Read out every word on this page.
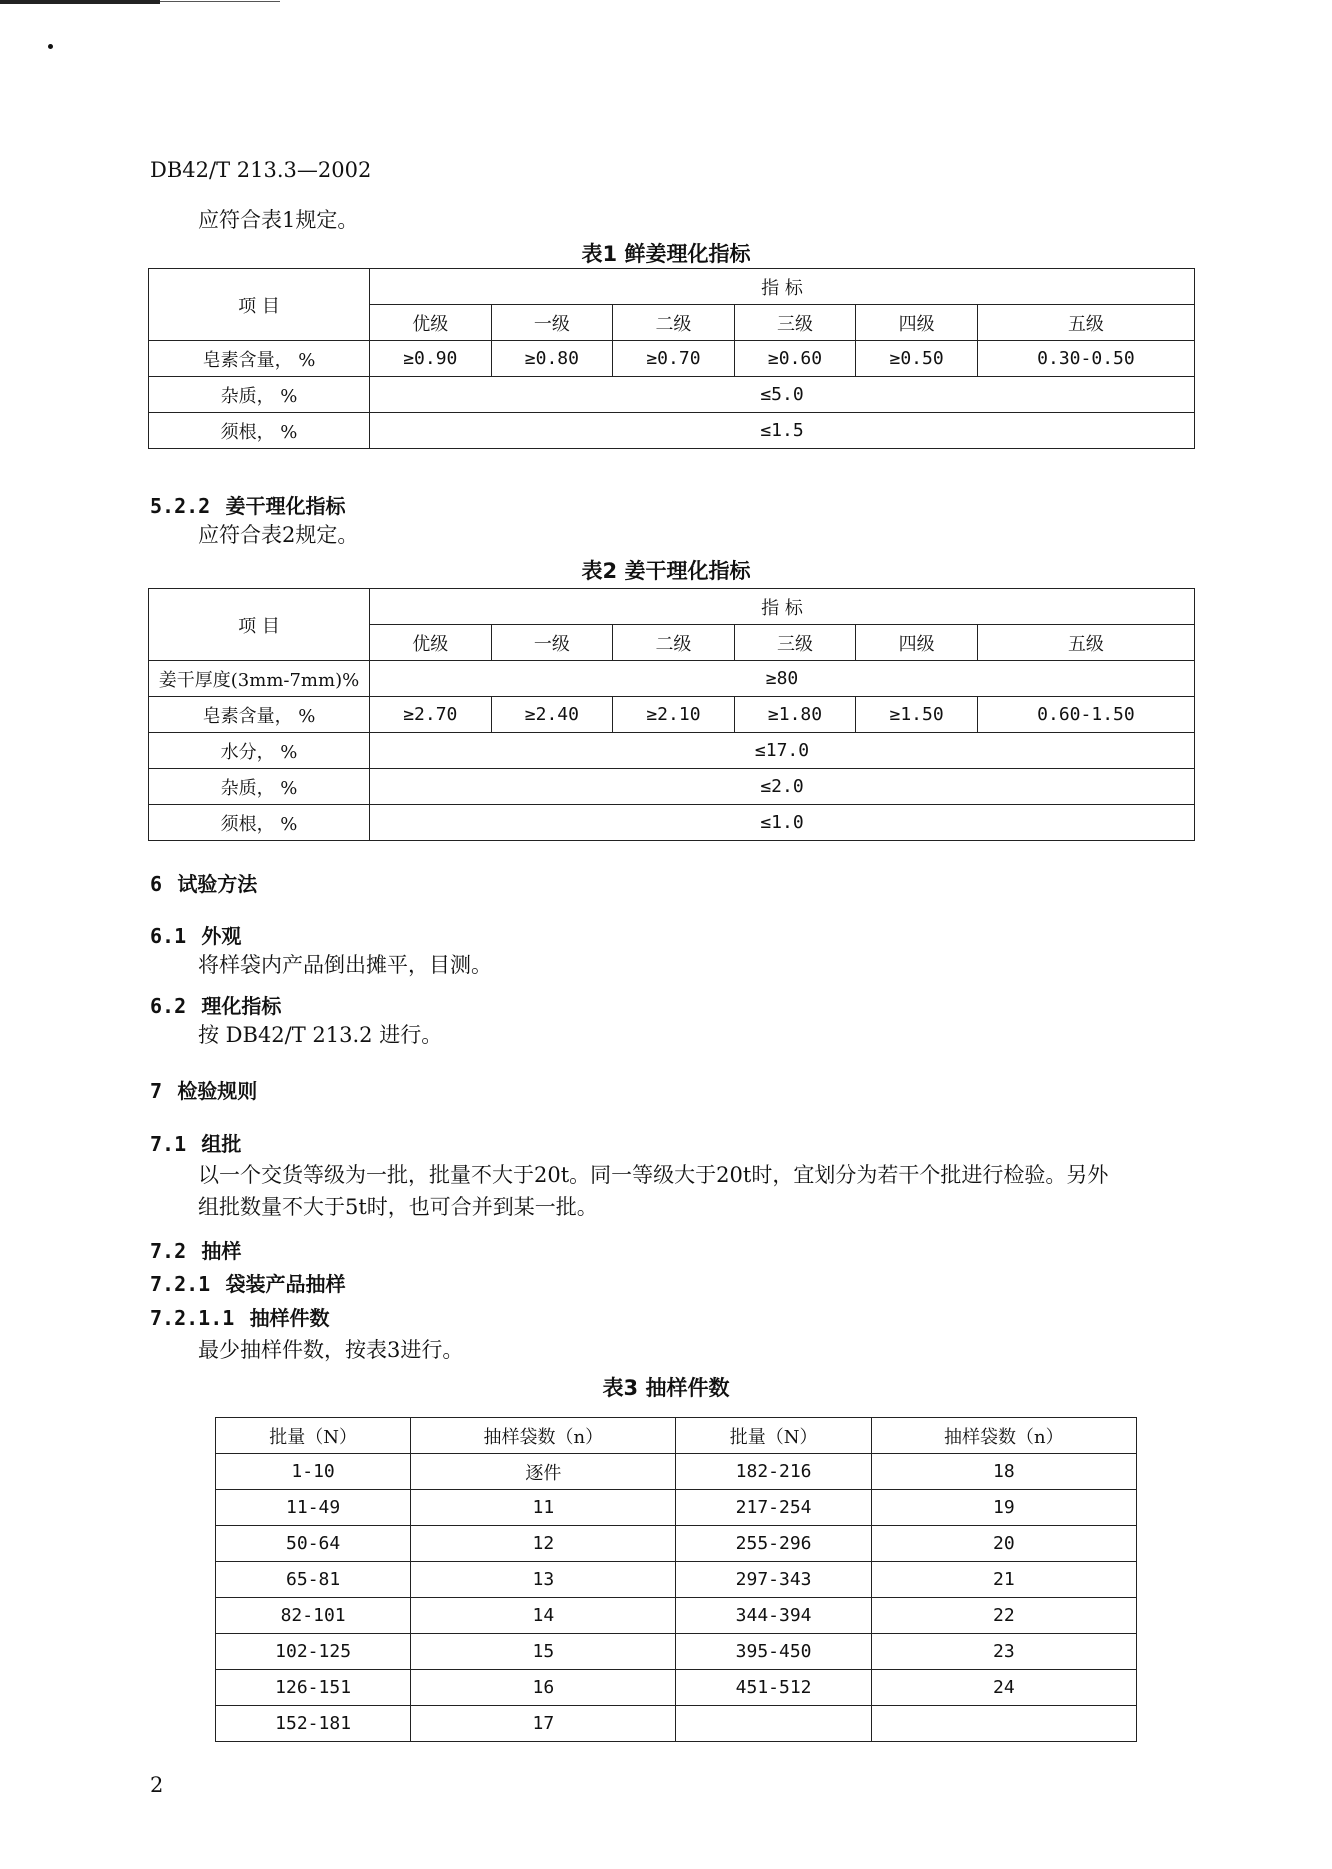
DB42/T 213.3—2002
应符合表1规定。
表1 鲜姜理化指标
项 目	指 标					
	优级	一级	二级	三级	四级	五级
皂素含量， %	≥0.90	≥0.80	≥0.70	≥0.60	≥0.50	0.30-0.50
杂质， %	≤5.0					
须根， %	≤1.5					
5.2.2 姜干理化指标
应符合表2规定。
表2 姜干理化指标
项 目	指 标					
	优级	一级	二级	三级	四级	五级
姜干厚度(3mm-7mm)%	≥80					
皂素含量， %	≥2.70	≥2.40	≥2.10	≥1.80	≥1.50	0.60-1.50
水分， %	≤17.0					
杂质， %	≤2.0					
须根， %	≤1.0					
6 试验方法
6.1 外观
将样袋内产品倒出摊平，目测。
6.2 理化指标
按 DB42/T 213.2 进行。
7 检验规则
7.1 组批
以一个交货等级为一批，批量不大于20t。同一等级大于20t时，宜划分为若干个批进行检验。另外
组批数量不大于5t时，也可合并到某一批。
7.2 抽样
7.2.1 袋装产品抽样
7.2.1.1 抽样件数
最少抽样件数，按表3进行。
表3 抽样件数
批量（N）	抽样袋数（n）	批量（N）	抽样袋数（n）
1-10	逐件	182-216	18
11-49	11	217-254	19
50-64	12	255-296	20
65-81	13	297-343	21
82-101	14	344-394	22
102-125	15	395-450	23
126-151	16	451-512	24
152-181	17		
2
